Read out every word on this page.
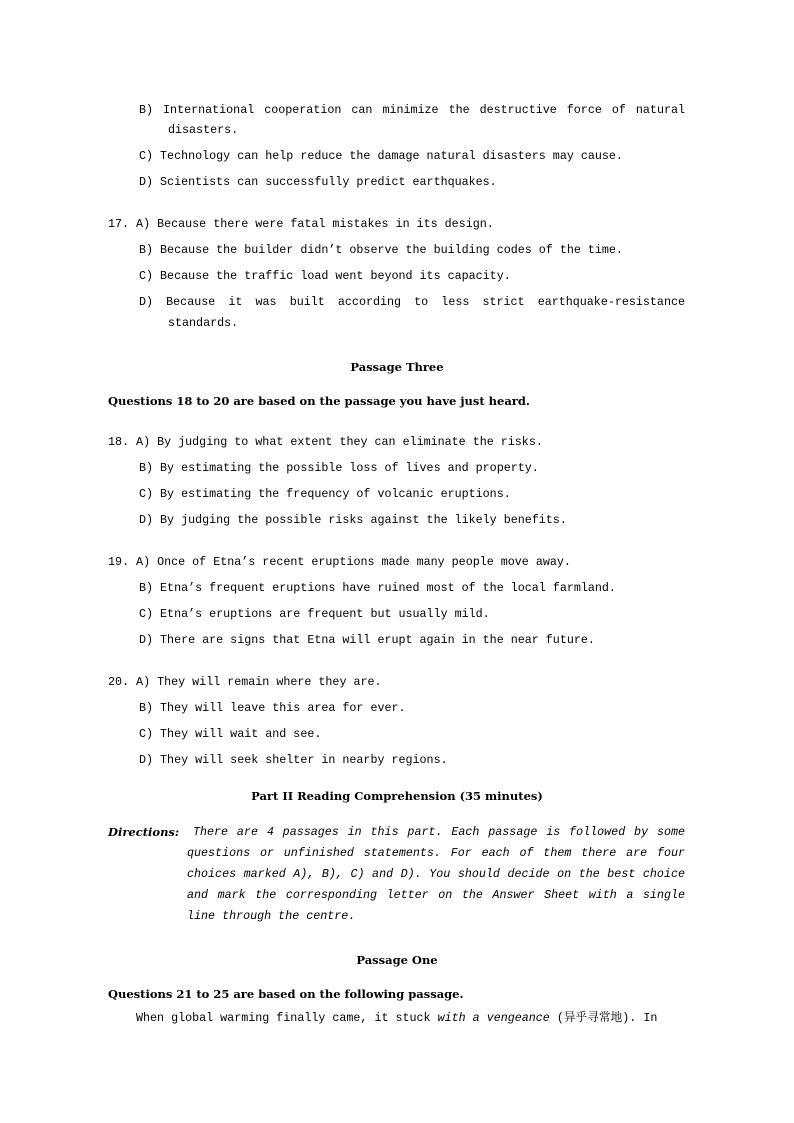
B) International cooperation can minimize the destructive force of natural
disasters.
C) Technology can help reduce the damage natural disasters may cause.
D) Scientists can successfully predict earthquakes.
17. A) Because there were fatal mistakes in its design.
B) Because the builder didn’t observe the building codes of the time.
C) Because the traffic load went beyond its capacity.
D) Because it was built according to less strict earthquake-resistance
standards.
Passage Three
Questions 18 to 20 are based on the passage you have just heard.
18. A) By judging to what extent they can eliminate the risks.
B) By estimating the possible loss of lives and property.
C) By estimating the frequency of volcanic eruptions.
D) By judging the possible risks against the likely benefits.
19. A) Once of Etna’s recent eruptions made many people move away.
B) Etna’s frequent eruptions have ruined most of the local farmland.
C) Etna’s eruptions are frequent but usually mild.
D) There are signs that Etna will erupt again in the near future.
20. A) They will remain where they are.
B) They will leave this area for ever.
C) They will wait and see.
D) They will seek shelter in nearby regions.
Part II Reading Comprehension (35 minutes)
Directions: There are 4 passages in this part. Each passage is followed by some
questions or unfinished statements. For each of them there are four
choices marked A), B), C) and D). You should decide on the best choice
and mark the corresponding letter on the Answer Sheet with a single
line through the centre.
Passage One
Questions 21 to 25 are based on the following passage.
When global warming finally came, it stuck with a vengeance (异乎寻常地). In
